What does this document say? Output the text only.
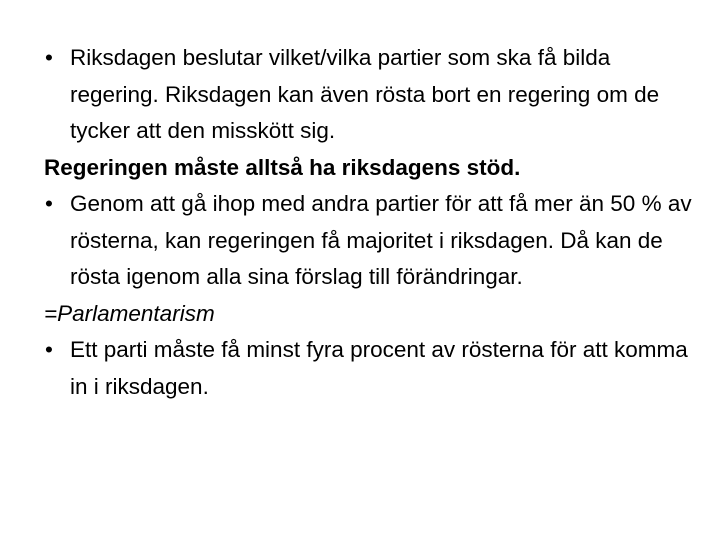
• Riksdagen beslutar vilket/vilka partier som ska få bilda regering. Riksdagen kan även rösta bort en regering om de tycker att den misskött sig.

Regeringen måste alltså ha riksdagens stöd.

• Genom att gå ihop med andra partier för att få mer än 50 % av rösterna, kan regeringen få majoritet i riksdagen. Då kan de rösta igenom alla sina förslag till förändringar.

=Parlamentarism

• Ett parti måste få minst fyra procent av rösterna för att komma in i riksdagen.
